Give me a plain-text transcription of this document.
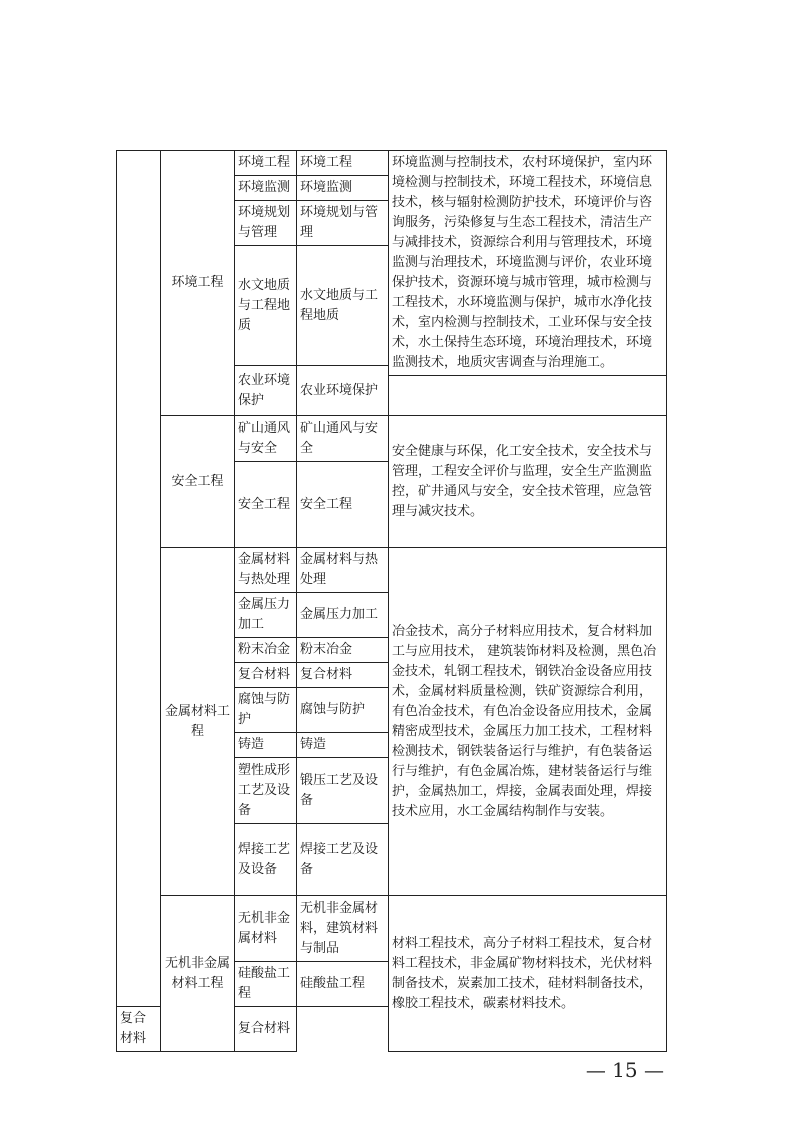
	环境工程	环境工程	环境工程	环境监测与控制技术，农村环境保护，室内环境检测与控制技术，环境工程技术，环境信息技术，核与辐射检测防护技术，环境评价与咨询服务，污染修复与生态工程技术，清洁生产与减排技术，资源综合利用与管理技术，环境监测与治理技术，环境监测与评价，农业环境保护技术，资源环境与城市管理，城市检测与工程技术，水环境监测与保护，城市水净化技术，室内检测与控制技术，工业环保与安全技术，水土保持生态环境，环境治理技术，环境监测技术，地质灾害调查与治理施工。
		环境监测	环境监测	
		环境规划与管理	环境规划与管理	
		水文地质与工程地质	水文地质与工程地质	
		农业环境保护	农业环境保护	

	安全工程	矿山通风与安全	矿山通风与安全	安全健康与环保，化工安全技术，安全技术与管理，工程安全评价与监理，安全生产监测监控，矿井通风与安全，安全技术管理，应急管理与减灾技术。
		安全工程	安全工程	
	金属材料工程	金属材料与热处理	金属材料与热处理	冶金技术，高分子材料应用技术，复合材料加工与应用技术， 建筑装饰材料及检测，黑色冶金技术，轧钢工程技术，钢铁冶金设备应用技术，金属材料质量检测，铁矿资源综合利用，有色冶金技术，有色冶金设备应用技术，金属精密成型技术，金属压力加工技术，工程材料检测技术，钢铁装备运行与维护，有色装备运行与维护，有色金属冶炼，建材装备运行与维护，金属热加工，焊接，金属表面处理，焊接技术应用，水工金属结构制作与安装。
		金属压力加工	金属压力加工	
		粉末冶金	粉末冶金	
		复合材料	复合材料	
		腐蚀与防护	腐蚀与防护	
		铸造	铸造	
		塑性成形工艺及设备	锻压工艺及设备	
		焊接工艺及设备	焊接工艺及设备	
	无机非金属材料工程	无机非金属材料	无机非金属材料，建筑材料与制品	材料工程技术，高分子材料工程技术，复合材料工程技术，非金属矿物材料技术，光伏材料制备技术，炭素加工技术，硅材料制备技术，橡胶工程技术，碳素材料技术。
		硅酸盐工程	硅酸盐工程	
复合材料		复合材料		
— 15 —
